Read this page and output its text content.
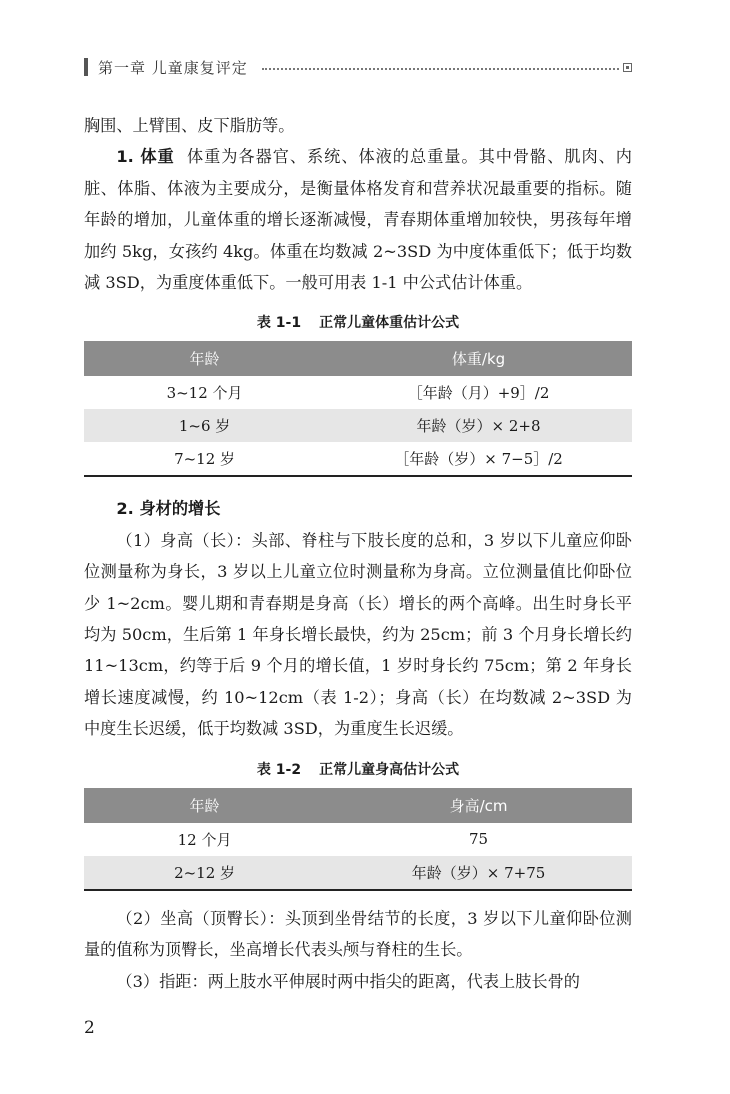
第一章 儿童康复评定

胸围、上臂围、皮下脂肪等。

1. 体重 体重为各器官、系统、体液的总重量。其中骨骼、肌肉、内脏、体脂、体液为主要成分，是衡量体格发育和营养状况最重要的指标。随年龄的增加，儿童体重的增长逐渐减慢，青春期体重增加较快，男孩每年增加约 5kg，女孩约 4kg。体重在均数减 2~3SD 为中度体重低下；低于均数减 3SD，为重度体重低下。一般可用表 1-1 中公式估计体重。

表 1-1 正常儿童体重估计公式
年龄	体重/kg
3~12 个月	［年龄（月）+9］/2
1~6 岁	年龄（岁）× 2+8
7~12 岁	［年龄（岁）× 7−5］/2

2. 身材的增长

（1）身高（长）：头部、脊柱与下肢长度的总和，3 岁以下儿童应仰卧位测量称为身长，3 岁以上儿童立位时测量称为身高。立位测量值比仰卧位少 1~2cm。婴儿期和青春期是身高（长）增长的两个高峰。出生时身长平均为 50cm，生后第 1 年身长增长最快，约为 25cm；前 3 个月身长增长约 11~13cm，约等于后 9 个月的增长值，1 岁时身长约 75cm；第 2 年身长增长速度减慢，约 10~12cm（表 1-2）；身高（长）在均数减 2~3SD 为中度生长迟缓，低于均数减 3SD，为重度生长迟缓。

表 1-2 正常儿童身高估计公式
年龄	身高/cm
12 个月	75
2~12 岁	年龄（岁）× 7+75

（2）坐高（顶臀长）：头顶到坐骨结节的长度，3 岁以下儿童仰卧位测量的值称为顶臀长，坐高增长代表头颅与脊柱的生长。

（3）指距：两上肢水平伸展时两中指尖的距离，代表上肢长骨的

2
